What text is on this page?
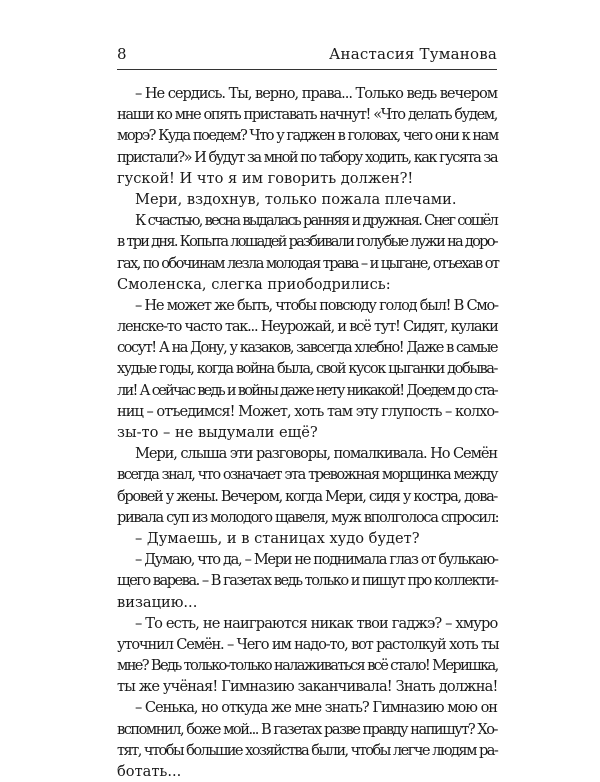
8	Анастасия Туманова
– Не сердись. Ты, верно, права... Только ведь вечером
наши ко мне опять приставать начнут! «Что делать будем,
морэ? Куда поедем? Что у гаджен в головах, чего они к нам
пристали?» И будут за мной по табору ходить, как гусята за
гуской! И что я им говорить должен?!
Мери, вздохнув, только пожала плечами.
К счастью, весна выдалась ранняя и дружная. Снег сошёл
в три дня. Копыта лошадей разбивали голубые лужи на доро-
гах, по обочинам лезла молодая трава – и цыгане, отъехав от
Смоленска, слегка приободрились:
– Не может же быть, чтобы повсюду голод был! В Смо-
ленске-то часто так... Неурожай, и всё тут! Сидят, кулаки
сосут! А на Дону, у казаков, завсегда хлебно! Даже в самые
худые годы, когда война была, свой кусок цыганки добыва-
ли! А сейчас ведь и войны даже нету никакой! Доедем до ста-
ниц – отъедимся! Может, хоть там эту глупость – колхо-
зы-то – не выдумали ещё?
Мери, слыша эти разговоры, помалкивала. Но Семён
всегда знал, что означает эта тревожная морщинка между
бровей у жены. Вечером, когда Мери, сидя у костра, дова-
ривала суп из молодого щавеля, муж вполголоса спросил:
– Думаешь, и в станицах худо будет?
– Думаю, что да, – Мери не поднимала глаз от булькаю-
щего варева. – В газетах ведь только и пишут про коллекти-
визацию...
– То есть, не наиграются никак твои гаджэ? – хмуро
уточнил Семён. – Чего им надо-то, вот растолкуй хоть ты
мне? Ведь только-только налаживаться всё стало! Меришка,
ты же учёная! Гимназию заканчивала! Знать должна!
– Сенька, но откуда же мне знать? Гимназию мою он
вспомнил, боже мой... В газетах разве правду напишут? Хо-
тят, чтобы большие хозяйства были, чтобы легче людям ра-
ботать...
